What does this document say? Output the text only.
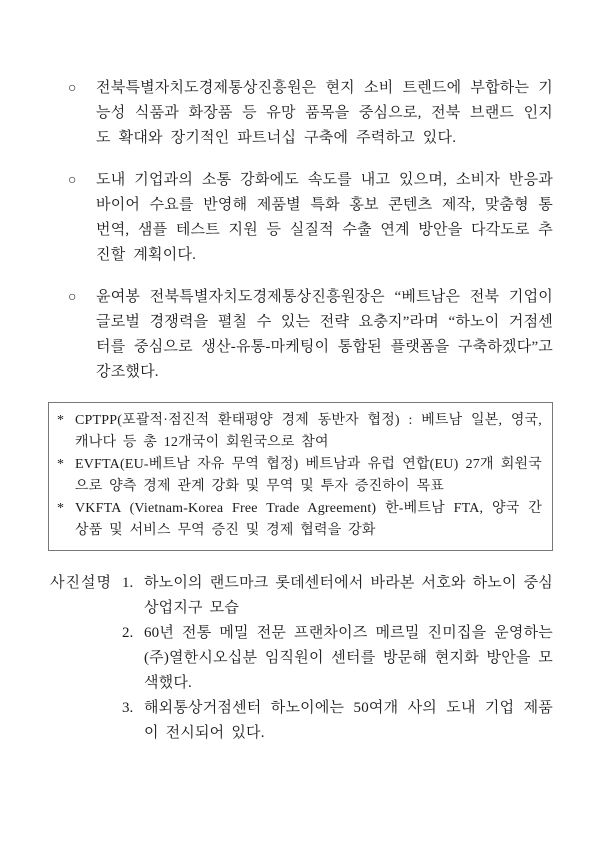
○	전북특별자치도경제통상진흥원은 현지 소비 트렌드에 부합하는 기능성 식품과 화장품 등 유망 품목을 중심으로, 전북 브랜드 인지도 확대와 장기적인 파트너십 구축에 주력하고 있다.

○	도내 기업과의 소통 강화에도 속도를 내고 있으며, 소비자 반응과 바이어 수요를 반영해 제품별 특화 홍보 콘텐츠 제작, 맞춤형 통번역, 샘플 테스트 지원 등 실질적 수출 연계 방안을 다각도로 추진할 계획이다.

○	윤여봉 전북특별자치도경제통상진흥원장은 “베트남은 전북 기업이 글로벌 경쟁력을 펼칠 수 있는 전략 요충지”라며 “하노이 거점센터를 중심으로 생산-유통-마케팅이 통합된 플랫폼을 구축하겠다”고 강조했다.

* CPTPP(포괄적·점진적 환태평양 경제 동반자 협정) : 베트남 일본, 영국, 캐나다 등 총 12개국이 회원국으로 참여

* EVFTA(EU-베트남 자유 무역 협정) 베트남과 유럽 연합(EU) 27개 회원국으로 양측 경제 관계 강화 및 무역 및 투자 증진하이 목표

* VKFTA (Vietnam-Korea Free Trade Agreement) 한-베트남 FTA, 양국 간 상품 및 서비스 무역 증진 및 경제 협력을 강화

사진설명 1. 하노이의 랜드마크 롯데센터에서 바라본 서호와 하노이 중심 상업지구 모습

2. 60년 전통 메밀 전문 프랜차이즈 메르밀 진미집을 운영하는 (주)열한시오십분 임직원이 센터를 방문해 현지화 방안을 모색했다.

3. 해외통상거점센터 하노이에는 50여개 사의 도내 기업 제품이 전시되어 있다.
